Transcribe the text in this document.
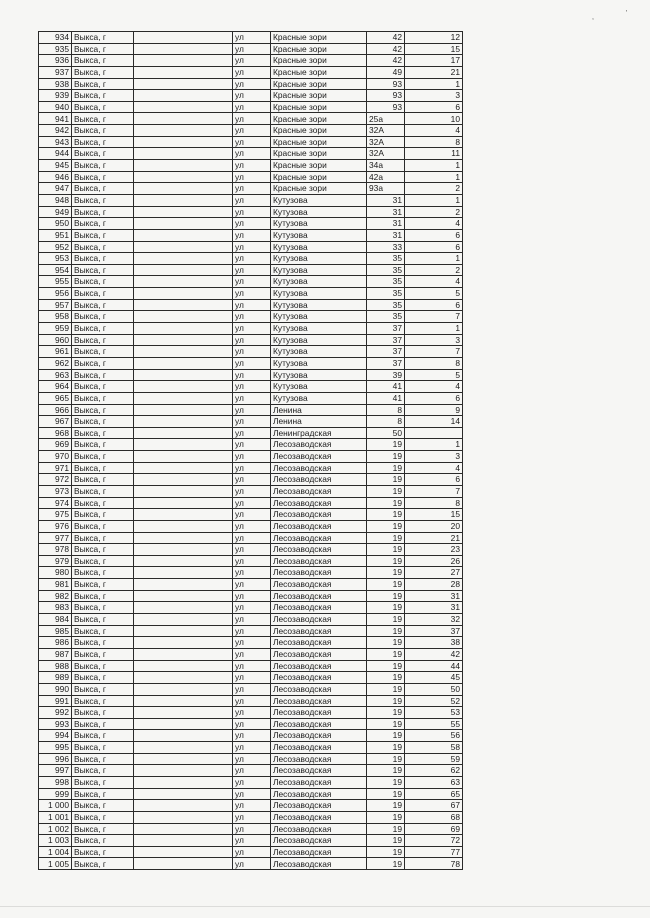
,
'
934	Выкса, г		ул	Красные зори	42	12
935	Выкса, г		ул	Красные зори	42	15
936	Выкса, г		ул	Красные зори	42	17
937	Выкса, г		ул	Красные зори	49	21
938	Выкса, г		ул	Красные зори	93	1
939	Выкса, г		ул	Красные зори	93	3
940	Выкса, г		ул	Красные зори	93	6
941	Выкса, г		ул	Красные зори	25а	10
942	Выкса, г		ул	Красные зори	32А	4
943	Выкса, г		ул	Красные зори	32А	8
944	Выкса, г		ул	Красные зори	32А	11
945	Выкса, г		ул	Красные зори	34а	1
946	Выкса, г		ул	Красные зори	42а	1
947	Выкса, г		ул	Красные зори	93а	2
948	Выкса, г		ул	Кутузова	31	1
949	Выкса, г		ул	Кутузова	31	2
950	Выкса, г		ул	Кутузова	31	4
951	Выкса, г		ул	Кутузова	31	6
952	Выкса, г		ул	Кутузова	33	6
953	Выкса, г		ул	Кутузова	35	1
954	Выкса, г		ул	Кутузова	35	2
955	Выкса, г		ул	Кутузова	35	4
956	Выкса, г		ул	Кутузова	35	5
957	Выкса, г		ул	Кутузова	35	6
958	Выкса, г		ул	Кутузова	35	7
959	Выкса, г		ул	Кутузова	37	1
960	Выкса, г		ул	Кутузова	37	3
961	Выкса, г		ул	Кутузова	37	7
962	Выкса, г		ул	Кутузова	37	8
963	Выкса, г		ул	Кутузова	39	5
964	Выкса, г		ул	Кутузова	41	4
965	Выкса, г		ул	Кутузова	41	6
966	Выкса, г		ул	Ленина	8	9
967	Выкса, г		ул	Ленина	8	14
968	Выкса, г		ул	Ленинградская	50	
969	Выкса, г		ул	Лесозаводская	19	1
970	Выкса, г		ул	Лесозаводская	19	3
971	Выкса, г		ул	Лесозаводская	19	4
972	Выкса, г		ул	Лесозаводская	19	6
973	Выкса, г		ул	Лесозаводская	19	7
974	Выкса, г		ул	Лесозаводская	19	8
975	Выкса, г		ул	Лесозаводская	19	15
976	Выкса, г		ул	Лесозаводская	19	20
977	Выкса, г		ул	Лесозаводская	19	21
978	Выкса, г		ул	Лесозаводская	19	23
979	Выкса, г		ул	Лесозаводская	19	26
980	Выкса, г		ул	Лесозаводская	19	27
981	Выкса, г		ул	Лесозаводская	19	28
982	Выкса, г		ул	Лесозаводская	19	31
983	Выкса, г		ул	Лесозаводская	19	31
984	Выкса, г		ул	Лесозаводская	19	32
985	Выкса, г		ул	Лесозаводская	19	37
986	Выкса, г		ул	Лесозаводская	19	38
987	Выкса, г		ул	Лесозаводская	19	42
988	Выкса, г		ул	Лесозаводская	19	44
989	Выкса, г		ул	Лесозаводская	19	45
990	Выкса, г		ул	Лесозаводская	19	50
991	Выкса, г		ул	Лесозаводская	19	52
992	Выкса, г		ул	Лесозаводская	19	53
993	Выкса, г		ул	Лесозаводская	19	55
994	Выкса, г		ул	Лесозаводская	19	56
995	Выкса, г		ул	Лесозаводская	19	58
996	Выкса, г		ул	Лесозаводская	19	59
997	Выкса, г		ул	Лесозаводская	19	62
998	Выкса, г		ул	Лесозаводская	19	63
999	Выкса, г		ул	Лесозаводская	19	65
1 000	Выкса, г		ул	Лесозаводская	19	67
1 001	Выкса, г		ул	Лесозаводская	19	68
1 002	Выкса, г		ул	Лесозаводская	19	69
1 003	Выкса, г		ул	Лесозаводская	19	72
1 004	Выкса, г		ул	Лесозаводская	19	77
1 005	Выкса, г		ул	Лесозаводская	19	78
